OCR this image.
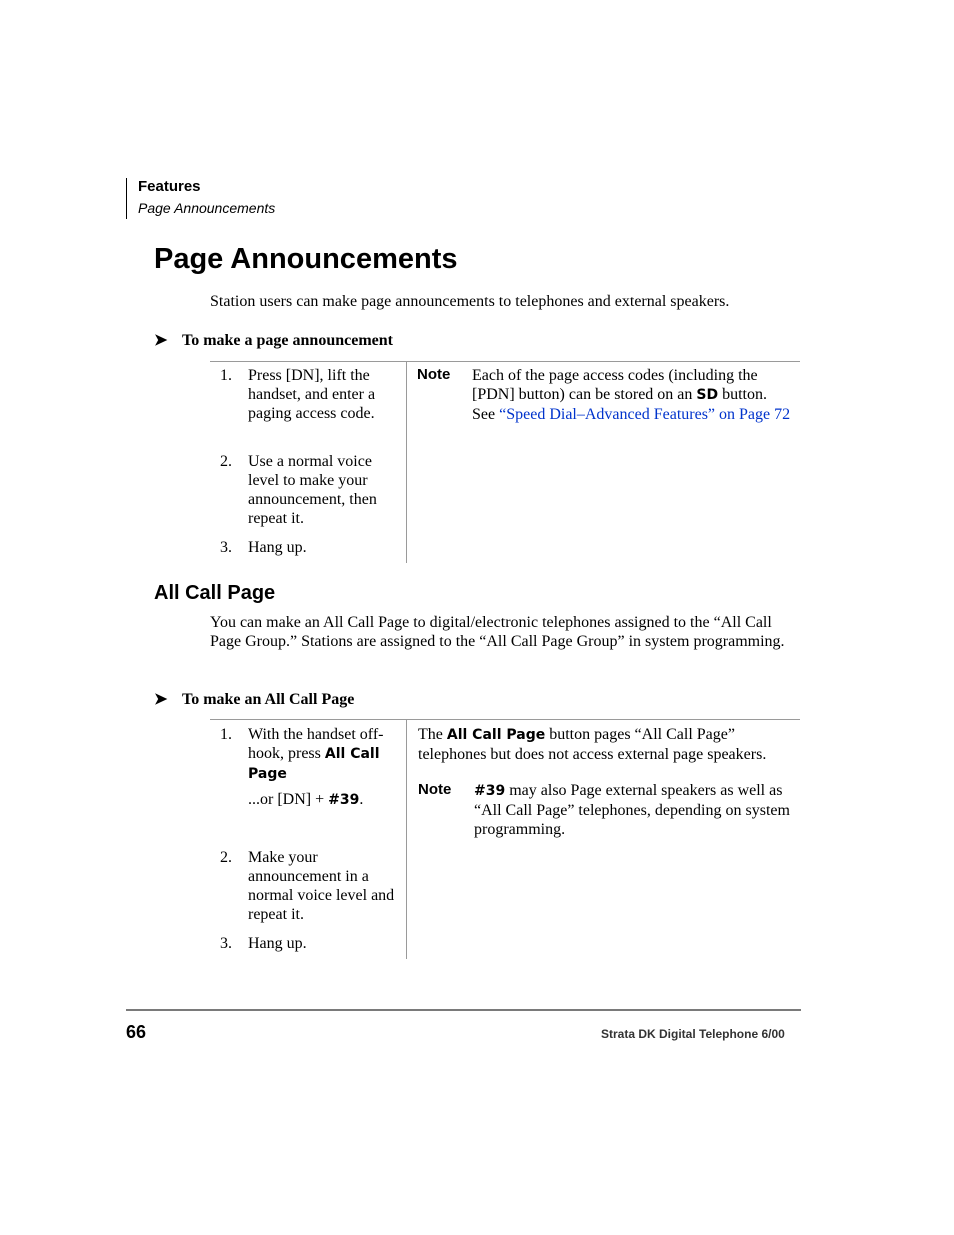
Features
Page Announcements
Page Announcements
Station users can make page announcements to telephones and external speakers.
➤ To make a page announcement
1. Press [DN], lift the handset, and enter a paging access code.
2. Use a normal voice level to make your announcement, then repeat it.
3. Hang up.
Note Each of the page access codes (including the [PDN] button) can be stored on an SD button. See “Speed Dial–Advanced Features” on Page 72
All Call Page
You can make an All Call Page to digital/electronic telephones assigned to the “All Call Page Group.” Stations are assigned to the “All Call Page Group” in system programming.
➤ To make an All Call Page
1. With the handset off-hook, press All Call Page
...or [DN] + #39.
2. Make your announcement in a normal voice level and repeat it.
3. Hang up.
The All Call Page button pages “All Call Page” telephones but does not access external page speakers.
Note #39 may also Page external speakers as well as “All Call Page” telephones, depending on system programming.
66	Strata DK Digital Telephone 6/00
